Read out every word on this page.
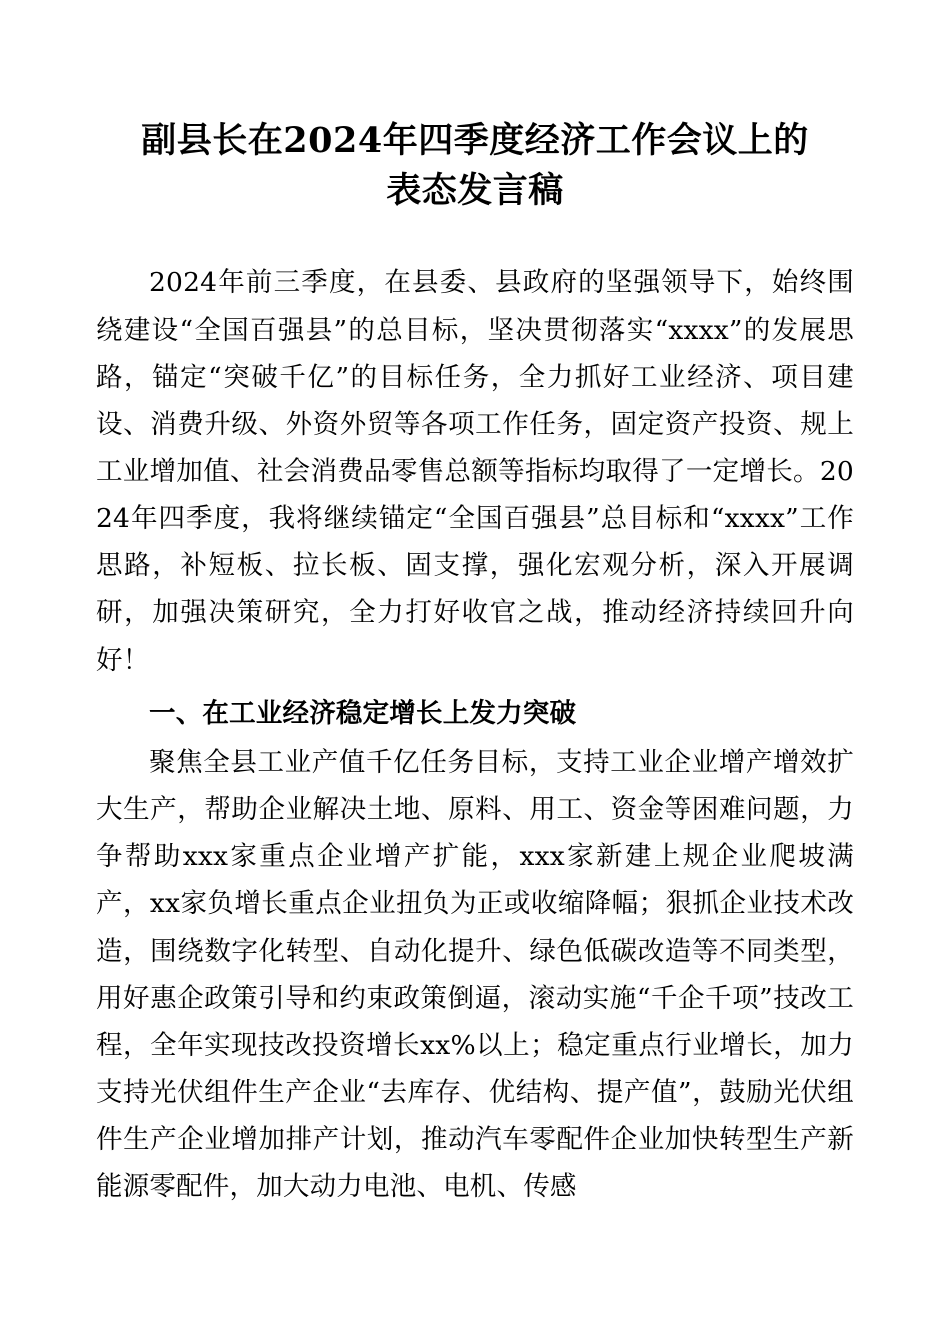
副县长在2024年四季度经济工作会议上的表态发言稿

2024年前三季度，在县委、县政府的坚强领导下，始终围绕建设“全国百强县”的总目标，坚决贯彻落实“xxxx”的发展思路，锚定“突破千亿”的目标任务，全力抓好工业经济、项目建设、消费升级、外资外贸等各项工作任务，固定资产投资、规上工业增加值、社会消费品零售总额等指标均取得了一定增长。2024年四季度，我将继续锚定“全国百强县”总目标和“xxxx”工作思路，补短板、拉长板、固支撑，强化宏观分析，深入开展调研，加强决策研究，全力打好收官之战，推动经济持续回升向好！

一、在工业经济稳定增长上发力突破

聚焦全县工业产值千亿任务目标，支持工业企业增产增效扩大生产，帮助企业解决土地、原料、用工、资金等困难问题，力争帮助xxx家重点企业增产扩能，xxx家新建上规企业爬坡满产，xx家负增长重点企业扭负为正或收缩降幅；狠抓企业技术改造，围绕数字化转型、自动化提升、绿色低碳改造等不同类型，用好惠企政策引导和约束政策倒逼，滚动实施“千企千项”技改工程，全年实现技改投资增长xx%以上；稳定重点行业增长，加力支持光伏组件生产企业“去库存、优结构、提产值”，鼓励光伏组件生产企业增加排产计划，推动汽车零配件企业加快转型生产新能源零配件，加大动力电池、电机、传感
